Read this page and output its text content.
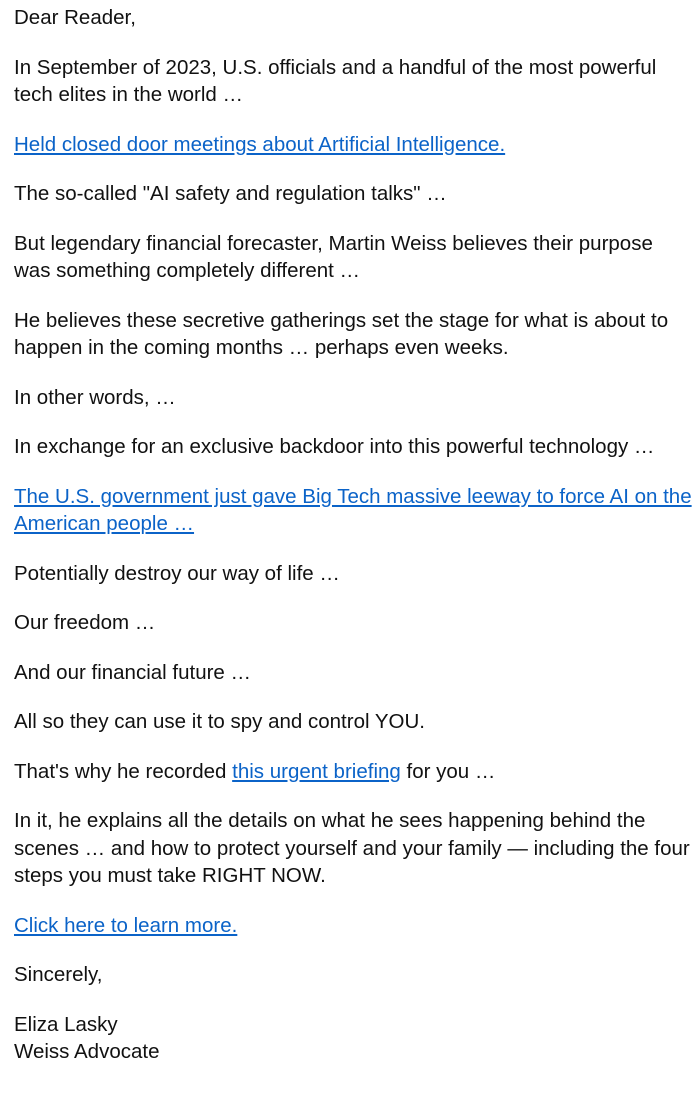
Dear Reader,

In September of 2023, U.S. officials and a handful of the most powerful tech elites in the world …

Held closed door meetings about Artificial Intelligence.

The so-called "AI safety and regulation talks" …

But legendary financial forecaster, Martin Weiss believes their purpose was something completely different …

He believes these secretive gatherings set the stage for what is about to happen in the coming months … perhaps even weeks.

In other words, …

In exchange for an exclusive backdoor into this powerful technology …

The U.S. government just gave Big Tech massive leeway to force AI on the American people …

Potentially destroy our way of life …

Our freedom …

And our financial future …

All so they can use it to spy and control YOU.

That's why he recorded this urgent briefing for you …

In it, he explains all the details on what he sees happening behind the scenes … and how to protect yourself and your family — including the four steps you must take RIGHT NOW.

Click here to learn more.

Sincerely,

Eliza Lasky

Weiss Advocate
